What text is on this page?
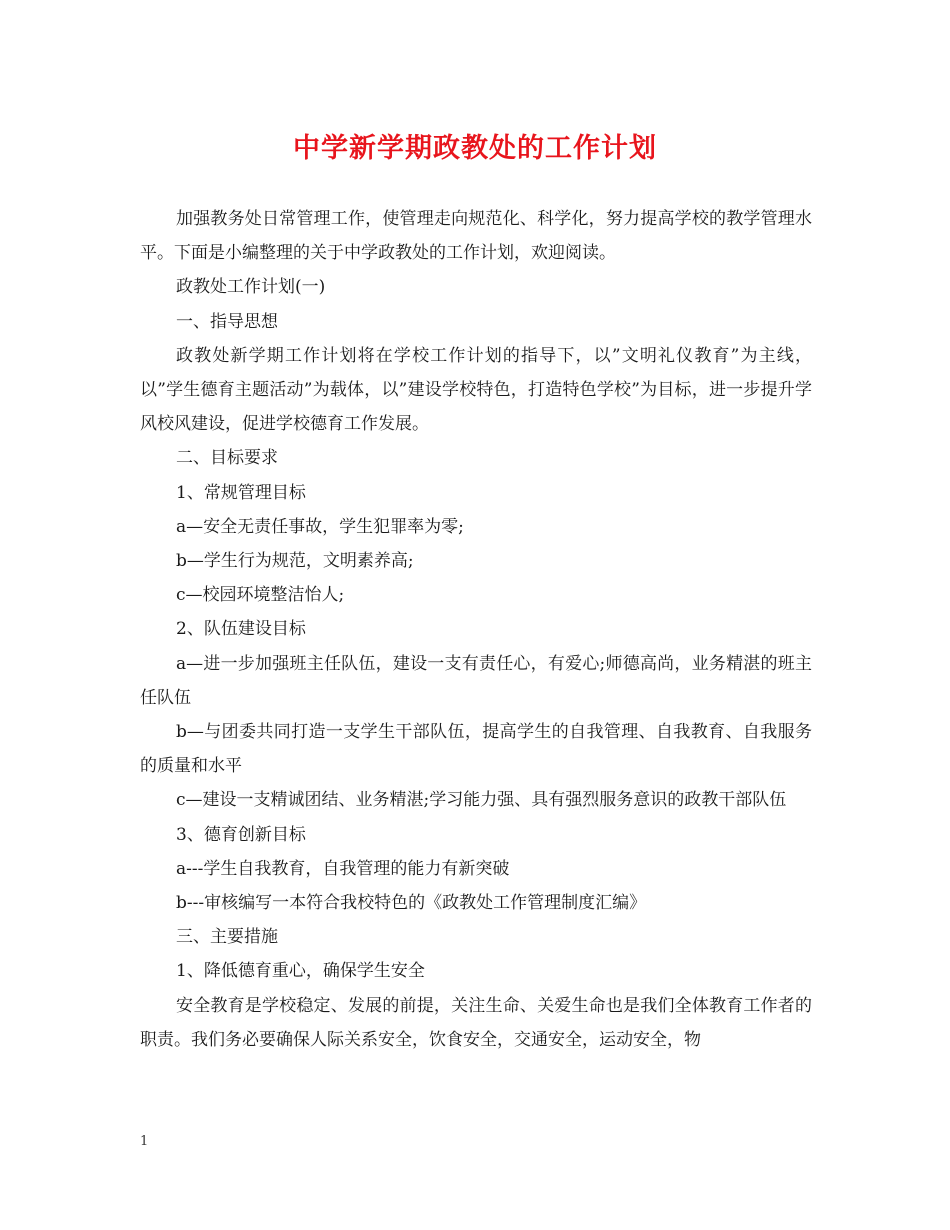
中学新学期政教处的工作计划

加强教务处日常管理工作，使管理走向规范化、科学化，努力提高学校的教学管理水平。下面是小编整理的关于中学政教处的工作计划，欢迎阅读。

政教处工作计划(一)

一、指导思想

政教处新学期工作计划将在学校工作计划的指导下，以”文明礼仪教育”为主线，以”学生德育主题活动”为载体，以”建设学校特色，打造特色学校”为目标，进一步提升学风校风建设，促进学校德育工作发展。

二、目标要求

1、常规管理目标

a—安全无责任事故，学生犯罪率为零;

b—学生行为规范，文明素养高;

c—校园环境整洁怡人;

2、队伍建设目标

a—进一步加强班主任队伍，建设一支有责任心，有爱心;师德高尚，业务精湛的班主任队伍

b—与团委共同打造一支学生干部队伍，提高学生的自我管理、自我教育、自我服务的质量和水平

c—建设一支精诚团结、业务精湛;学习能力强、具有强烈服务意识的政教干部队伍

3、德育创新目标

a---学生自我教育，自我管理的能力有新突破

b---审核编写一本符合我校特色的《政教处工作管理制度汇编》

三、主要措施

1、降低德育重心，确保学生安全

安全教育是学校稳定、发展的前提，关注生命、关爱生命也是我们全体教育工作者的职责。我们务必要确保人际关系安全，饮食安全，交通安全，运动安全，物

1
